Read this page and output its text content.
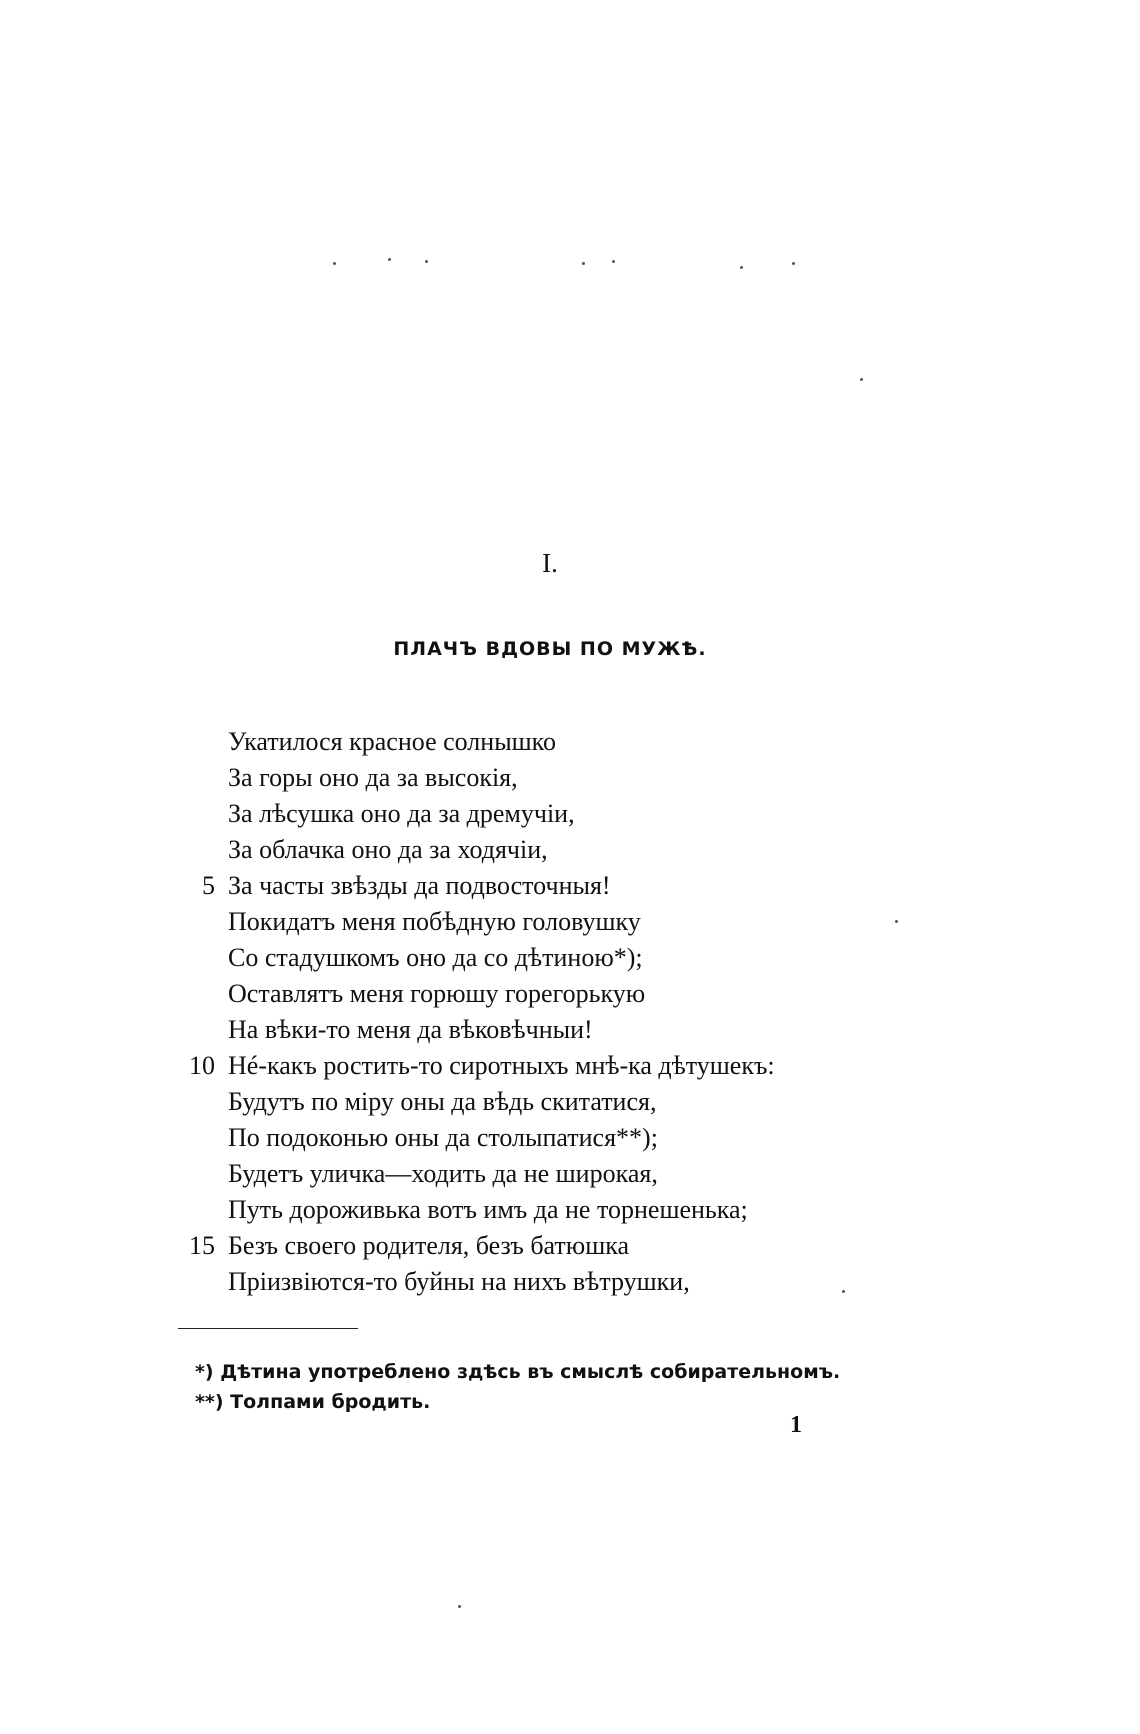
I.
ПЛАЧЪ ВДОВЫ ПО МУЖѢ.
Укатилося красное солнышко
За горы оно да за высокія,
За лѣсушка оно да за дремучіи,
За облачка оно да за ходячіи,
5 За часты звѣзды да подвосточныя!
Покидатъ меня побѣдную головушку
Со стадушкомъ оно да со дѣтиною*);
Оставлятъ меня горюшу горегорькую
На вѣки-то меня да вѣковѣчныи!
10 Нé-какъ ростить-то сиротныхъ мнѣ-ка дѣтушекъ:
Будутъ по міру оны да вѣдь скитатися,
По подоконью оны да столыпатися**);
Будетъ уличка—ходить да не широкая,
Путь дороживька вотъ имъ да не торнешенька;
15 Безъ своего родителя, безъ батюшка
Пріизвіются-то буйны на нихъ вѣтрушки,
*) Дѣтина употреблено здѣсь въ смыслѣ собирательномъ.
**) Толпами бродить.
1
